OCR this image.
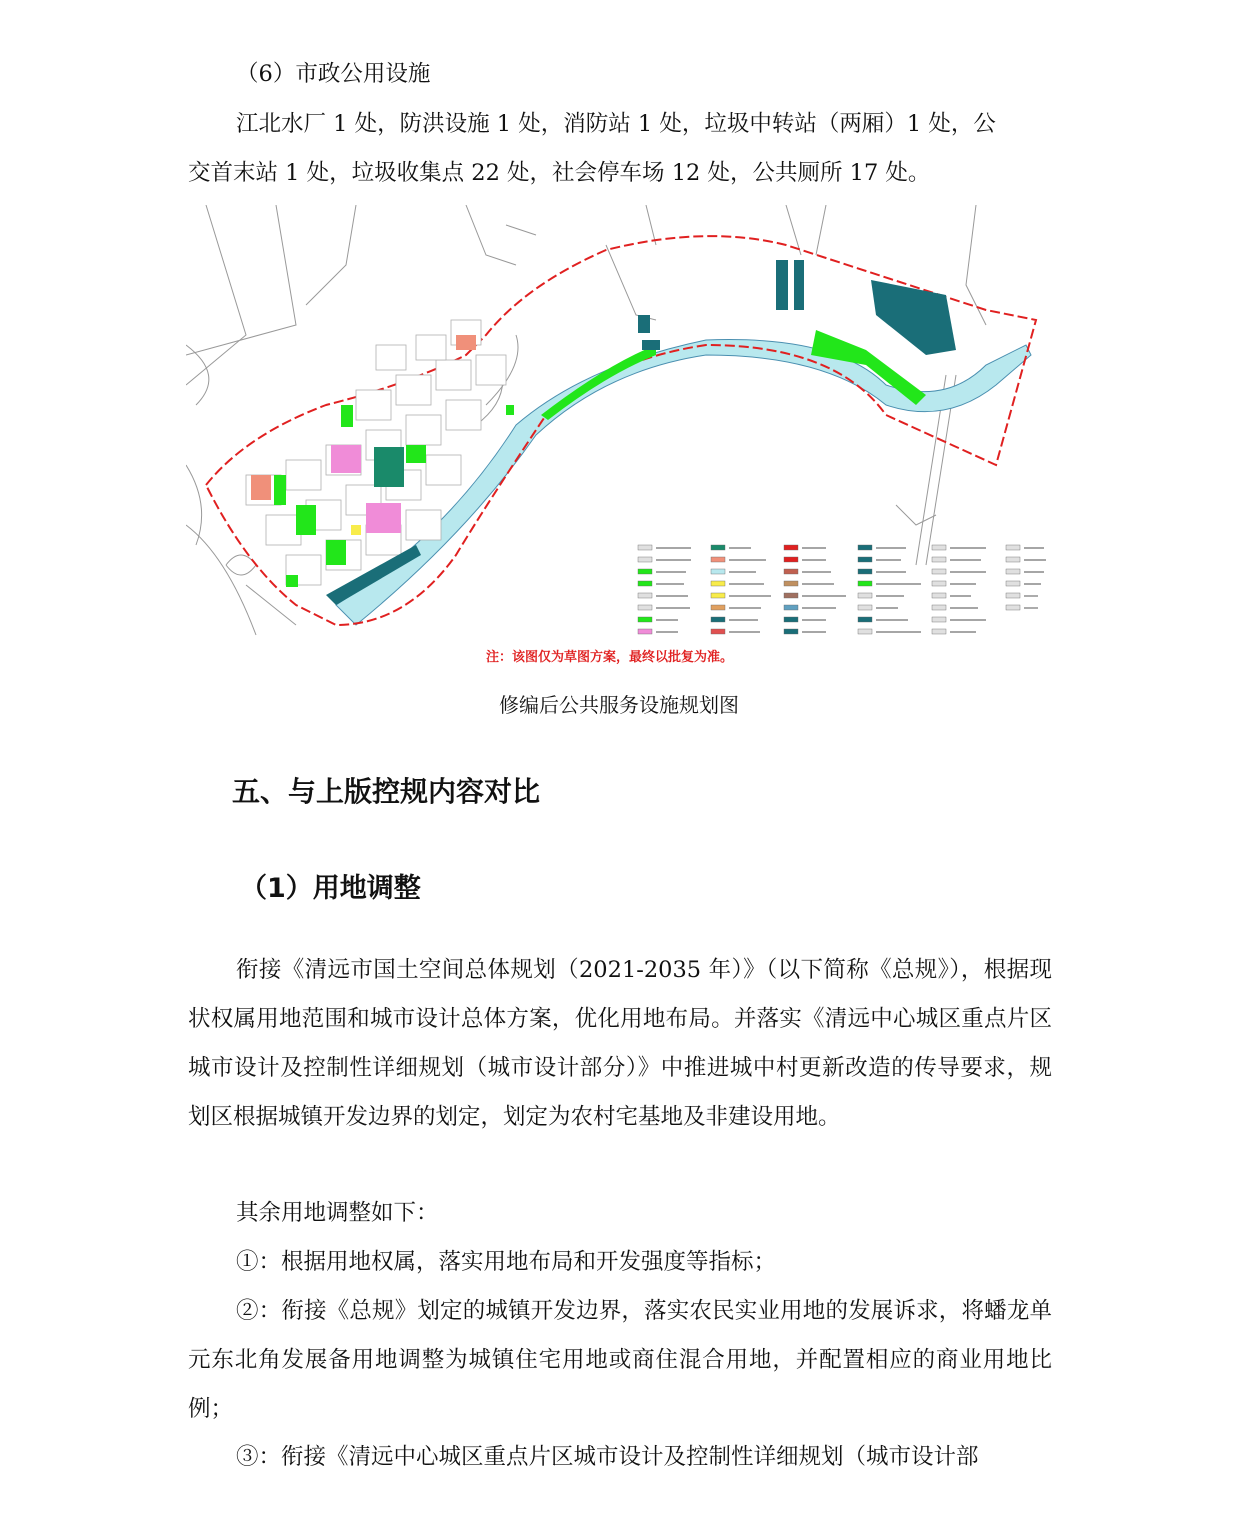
（6）市政公用设施
江北水厂 1 处，防洪设施 1 处，消防站 1 处，垃圾中转站（两厢）1 处，公
交首末站 1 处，垃圾收集点 22 处，社会停车场 12 处，公共厕所 17 处。
注：该图仅为草图方案，最终以批复为准。
修编后公共服务设施规划图
五、与上版控规内容对比
（1）用地调整

衔接《清远市国土空间总体规划（2021-2035 年）》（以下简称《总规》），根据现状权属用地范围和城市设计总体方案，优化用地布局。并落实《清远中心城区重点片区城市设计及控制性详细规划（城市设计部分）》中推进城中村更新改造的传导要求，规划区根据城镇开发边界的划定，划定为农村宅基地及非建设用地。

其余用地调整如下：

①：根据用地权属，落实用地布局和开发强度等指标；

②：衔接《总规》划定的城镇开发边界，落实农民实业用地的发展诉求，将蟠龙单元东北角发展备用地调整为城镇住宅用地或商住混合用地，并配置相应的商业用地比例；

③：衔接《清远中心城区重点片区城市设计及控制性详细规划（城市设计部
